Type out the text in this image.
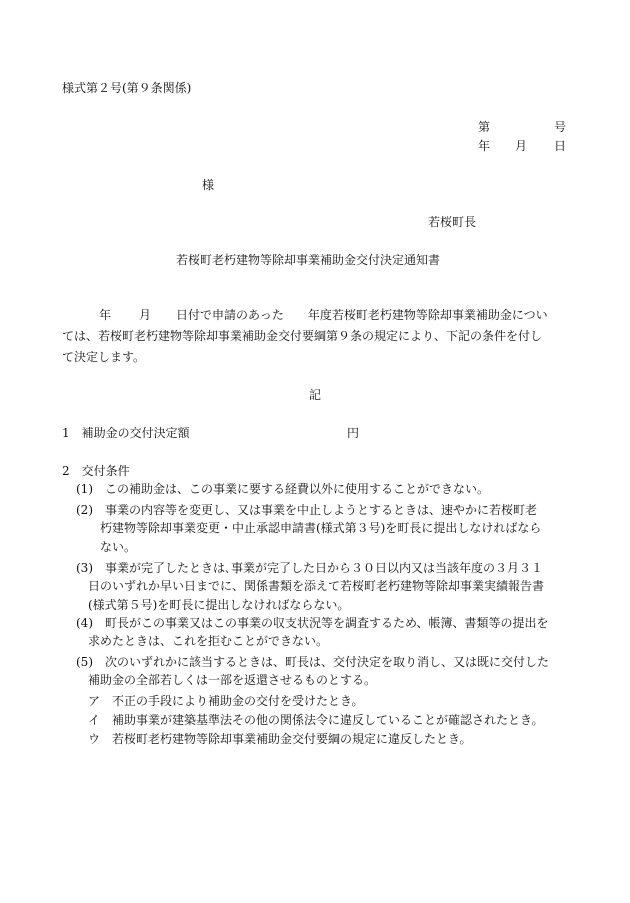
様式第２号(第９条関係)
第	号
年 月 日
様
若桜町長
若桜町老朽建物等除却事業補助金交付決定通知書
年 月 日付で申請のあった　　年度若桜町老朽建物等除却事業補助金につい
ては、若桜町老朽建物等除却事業補助金交付要綱第９条の規定により、下記の条件を付し
て決定します。
記
1　補助金の交付決定額	円
2　交付条件
(1)　この補助金は、この事業に要する経費以外に使用することができない。
(2)　事業の内容等を変更し、又は事業を中止しようとするときは、速やかに若桜町老
朽建物等除却事業変更・中止承認申請書(様式第３号)を町長に提出しなければなら
ない。
(3)　事業が完了したときは､事業が完了した日から３０日以内又は当該年度の３月３１
日のいずれか早い日までに、関係書類を添えて若桜町老朽建物等除却事業実績報告書
(様式第５号)を町長に提出しなければならない。
(4)　町長がこの事業又はこの事業の収支状況等を調査するため、帳簿、書類等の提出を
求めたときは、これを拒むことができない。
(5)　次のいずれかに該当するときは、町長は、交付決定を取り消し、又は既に交付した
補助金の全部若しくは一部を返還させるものとする。
ア　不正の手段により補助金の交付を受けたとき。
イ　補助事業が建築基準法その他の関係法令に違反していることが確認されたとき。
ウ　若桜町老朽建物等除却事業補助金交付要綱の規定に違反したとき。
